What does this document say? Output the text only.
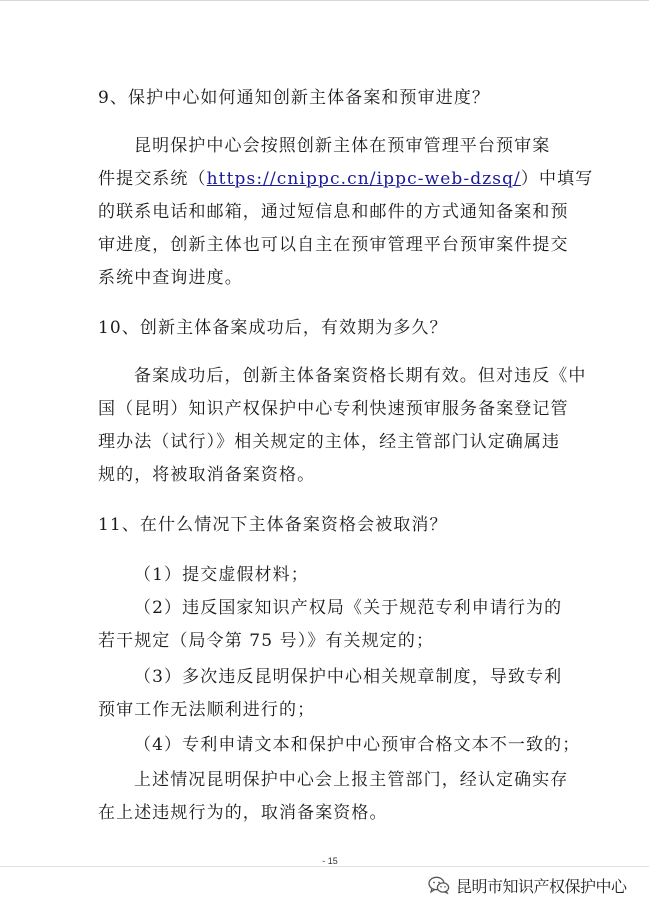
9、保护中心如何通知创新主体备案和预审进度？
昆明保护中心会按照创新主体在预审管理平台预审案
件提交系统（https://cnippc.cn/ippc-web-dzsq/）中填写
的联系电话和邮箱，通过短信息和邮件的方式通知备案和预
审进度，创新主体也可以自主在预审管理平台预审案件提交
系统中查询进度。
10、创新主体备案成功后，有效期为多久？
备案成功后，创新主体备案资格长期有效。但对违反《中
国（昆明）知识产权保护中心专利快速预审服务备案登记管
理办法（试行）》相关规定的主体，经主管部门认定确属违
规的，将被取消备案资格。
11、在什么情况下主体备案资格会被取消？
（1）提交虚假材料；
（2）违反国家知识产权局《关于规范专利申请行为的
若干规定（局令第 75 号）》有关规定的；
（3）多次违反昆明保护中心相关规章制度，导致专利
预审工作无法顺利进行的；
（4）专利申请文本和保护中心预审合格文本不一致的；
上述情况昆明保护中心会上报主管部门，经认定确实存
在上述违规行为的，取消备案资格。
- 15
昆明市知识产权保护中心
